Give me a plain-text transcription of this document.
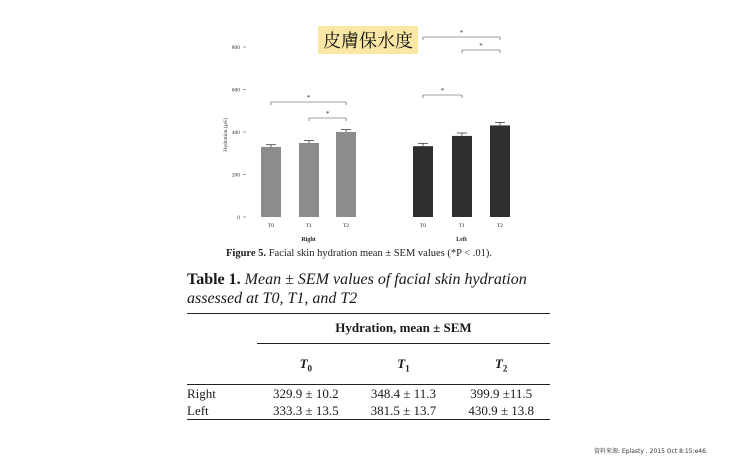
0
200
400
600
800
*
*
*
*
*
T0	T1	T2
Right
T0	T1	T2
Left
Hydration (µS)
皮膚保水度
Figure 5. Facial skin hydration mean ± SEM values (*P < .01).
Table 1. Mean ± SEM values of facial skin hydration assessed at T0, T1, and T2

	Hydration, mean ± SEM		

	$T_0$	$T_1$	$T_2$

Right	329.9 ± 10.2	348.4 ± 11.3	399.9 ±11.5
Left	333.3 ± 13.5	381.5 ± 13.7	430.9 ± 13.8

資料來源: Eplasty . 2015 Oct 8:15:e46.
